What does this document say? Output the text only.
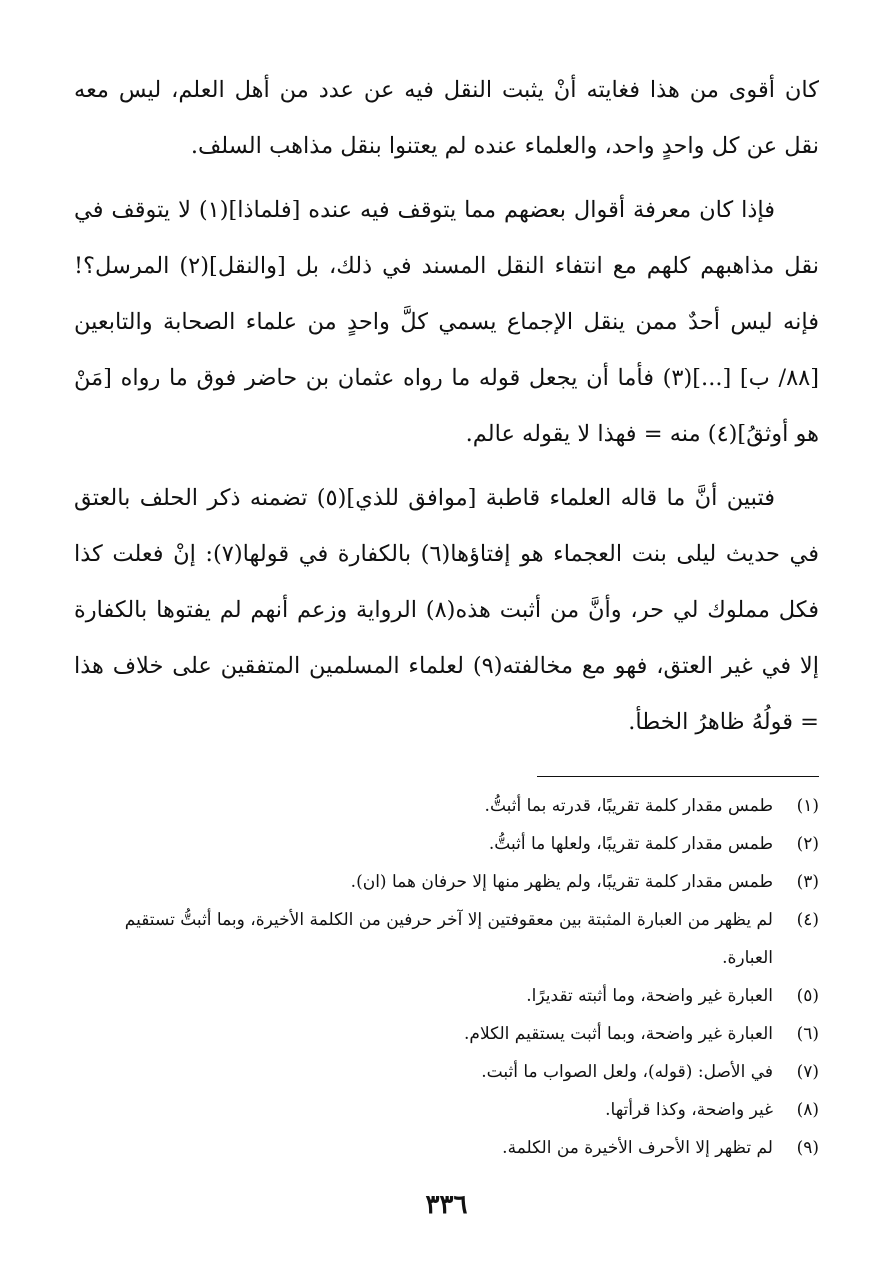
كان أقوى من هذا فغايته أنْ يثبت النقل فيه عن عدد من أهل العلم، ليس معه نقل عن كل واحدٍ واحد، والعلماء عنده لم يعتنوا بنقل مذاهب السلف.

فإذا كان معرفة أقوال بعضهم مما يتوقف فيه عنده [فلماذا](١) لا يتوقف في نقل مذاهبهم كلهم مع انتفاء النقل المسند في ذلك، بل [والنقل](٢) المرسل؟! فإنه ليس أحدٌ ممن ينقل الإجماع يسمي كلَّ واحدٍ من علماء الصحابة والتابعين [٨٨/ ب] [...](٣) فأما أن يجعل قوله ما رواه عثمان بن حاضر فوق ما رواه [مَنْ هو أوثقُ](٤) منه = فهذا لا يقوله عالم.

فتبين أنَّ ما قاله العلماء قاطبة [موافق للذي](٥) تضمنه ذكر الحلف بالعتق في حديث ليلى بنت العجماء هو إفتاؤها(٦) بالكفارة في قولها(٧): إنْ فعلت كذا فكل مملوك لي حر، وأنَّ من أثبت هذه(٨) الرواية وزعم أنهم لم يفتوها بالكفارة إلا في غير العتق، فهو مع مخالفته(٩) لعلماء المسلمين المتفقين على خلاف هذا = قولُهُ ظاهرُ الخطأ.

(١)
طمس مقدار كلمة تقريبًا، قدرته بما أثبتُّ.
(٢)
طمس مقدار كلمة تقريبًا، ولعلها ما أثبتُّ.
(٣)
طمس مقدار كلمة تقريبًا، ولم يظهر منها إلا حرفان هما (ان).
(٤)
لم يظهر من العبارة المثبتة بين معقوفتين إلا آخر حرفين من الكلمة الأخيرة، وبما أثبتُّ تستقيم العبارة.
(٥)
العبارة غير واضحة، وما أثبته تقديرًا.
(٦)
العبارة غير واضحة، وبما أثبت يستقيم الكلام.
(٧)
في الأصل: (قوله)، ولعل الصواب ما أثبت.
(٨)
غير واضحة، وكذا قرأتها.
(٩)
لم تظهر إلا الأحرف الأخيرة من الكلمة.
٣٣٦
